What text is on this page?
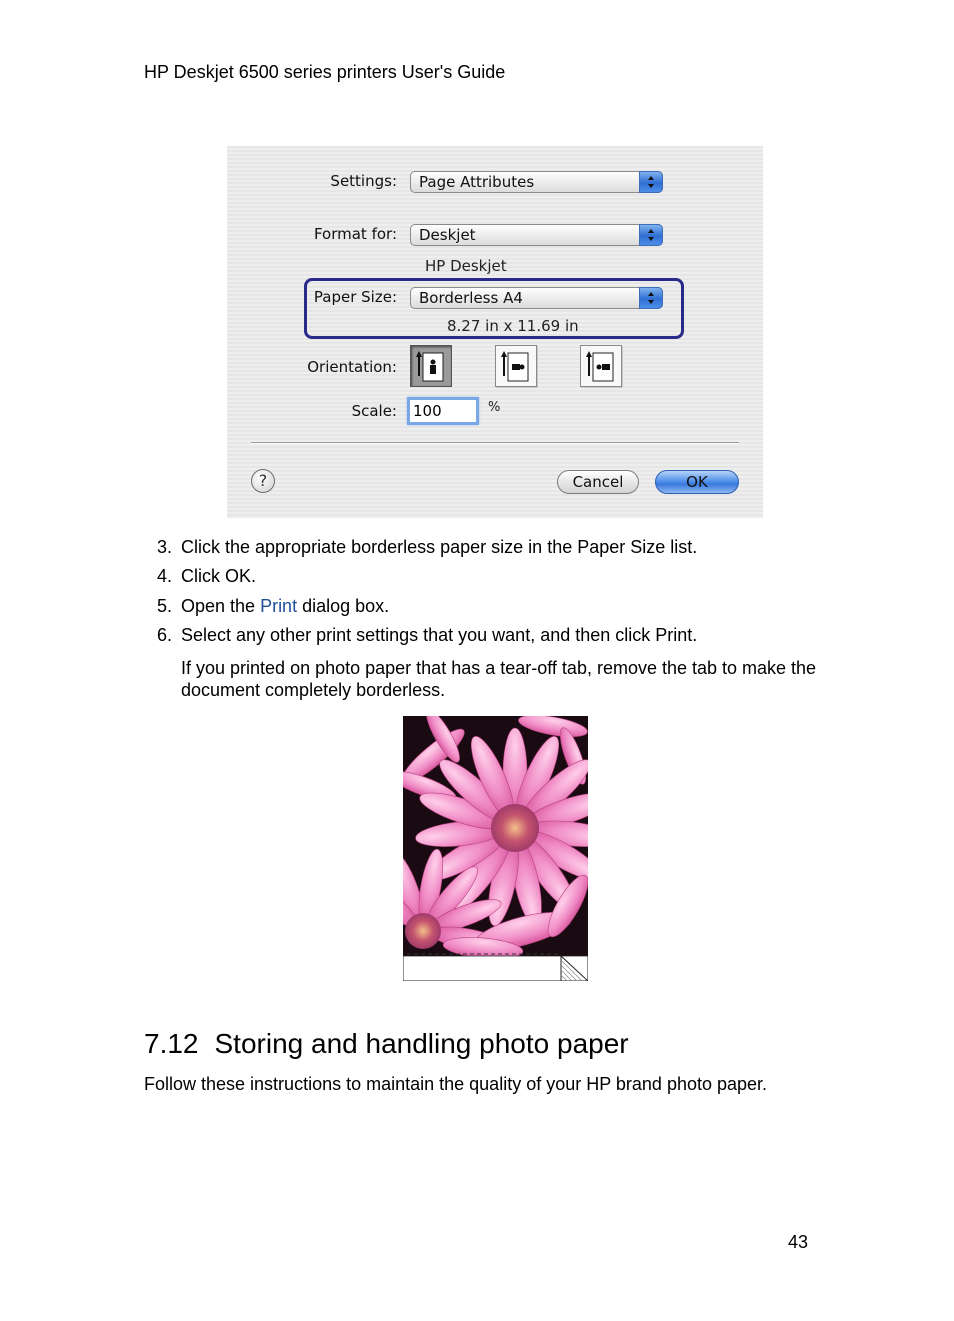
HP Deskjet 6500 series printers User's Guide
Settings:	Page Attributes
Format for:	Deskjet
HP Deskjet
Paper Size:	Borderless A4
8.27 in x 11.69 in
Orientation:
Scale:	100	%
?	Cancel	OK
3. Click the appropriate borderless paper size in the Paper Size list.
4. Click OK.
5. Open the Print dialog box.
6. Select any other print settings that you want, and then click Print.
If you printed on photo paper that has a tear-off tab, remove the tab to make the document completely borderless.
7.12 Storing and handling photo paper
Follow these instructions to maintain the quality of your HP brand photo paper.
43
